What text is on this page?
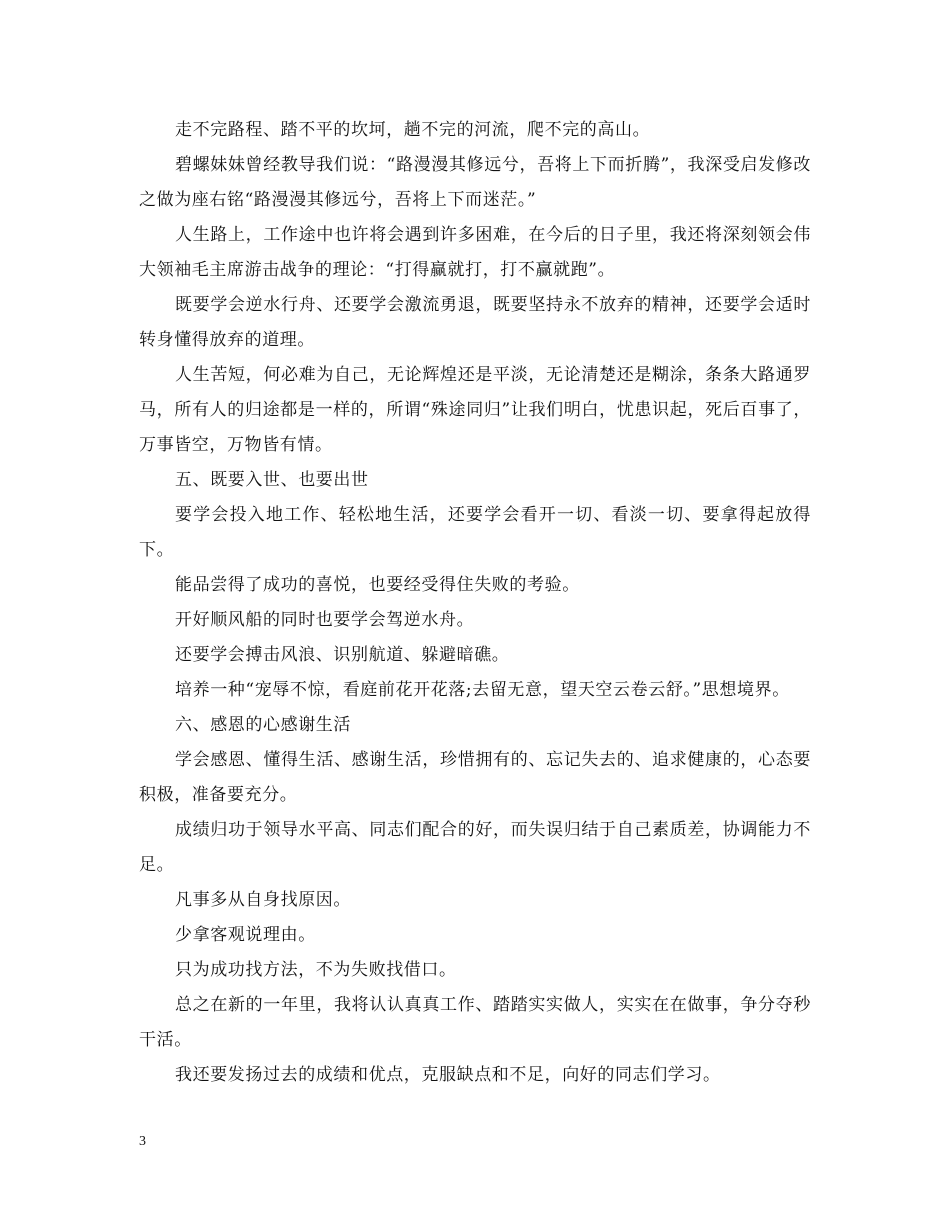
走不完路程、踏不平的坎坷，趟不完的河流，爬不完的高山。

碧螺妹妹曾经教导我们说：“路漫漫其修远兮，吾将上下而折腾”，我深受启发修改之做为座右铭“路漫漫其修远兮，吾将上下而迷茫。”

人生路上，工作途中也许将会遇到许多困难，在今后的日子里，我还将深刻领会伟大领袖毛主席游击战争的理论：“打得赢就打，打不赢就跑”。

既要学会逆水行舟、还要学会激流勇退，既要坚持永不放弃的精神，还要学会适时转身懂得放弃的道理。

人生苦短，何必难为自己，无论辉煌还是平淡，无论清楚还是糊涂，条条大路通罗马，所有人的归途都是一样的，所谓“殊途同归”让我们明白，忧患识起，死后百事了，万事皆空，万物皆有情。

五、既要入世、也要出世

要学会投入地工作、轻松地生活，还要学会看开一切、看淡一切、要拿得起放得下。

能品尝得了成功的喜悦，也要经受得住失败的考验。

开好顺风船的同时也要学会驾逆水舟。

还要学会搏击风浪、识别航道、躲避暗礁。

培养一种“宠辱不惊，看庭前花开花落;去留无意，望天空云卷云舒。”思想境界。

六、感恩的心感谢生活

学会感恩、懂得生活、感谢生活，珍惜拥有的、忘记失去的、追求健康的，心态要积极，准备要充分。

成绩归功于领导水平高、同志们配合的好，而失误归结于自己素质差，协调能力不足。

凡事多从自身找原因。

少拿客观说理由。

只为成功找方法，不为失败找借口。

总之在新的一年里，我将认认真真工作、踏踏实实做人，实实在在做事，争分夺秒干活。

我还要发扬过去的成绩和优点，克服缺点和不足，向好的同志们学习。

3
